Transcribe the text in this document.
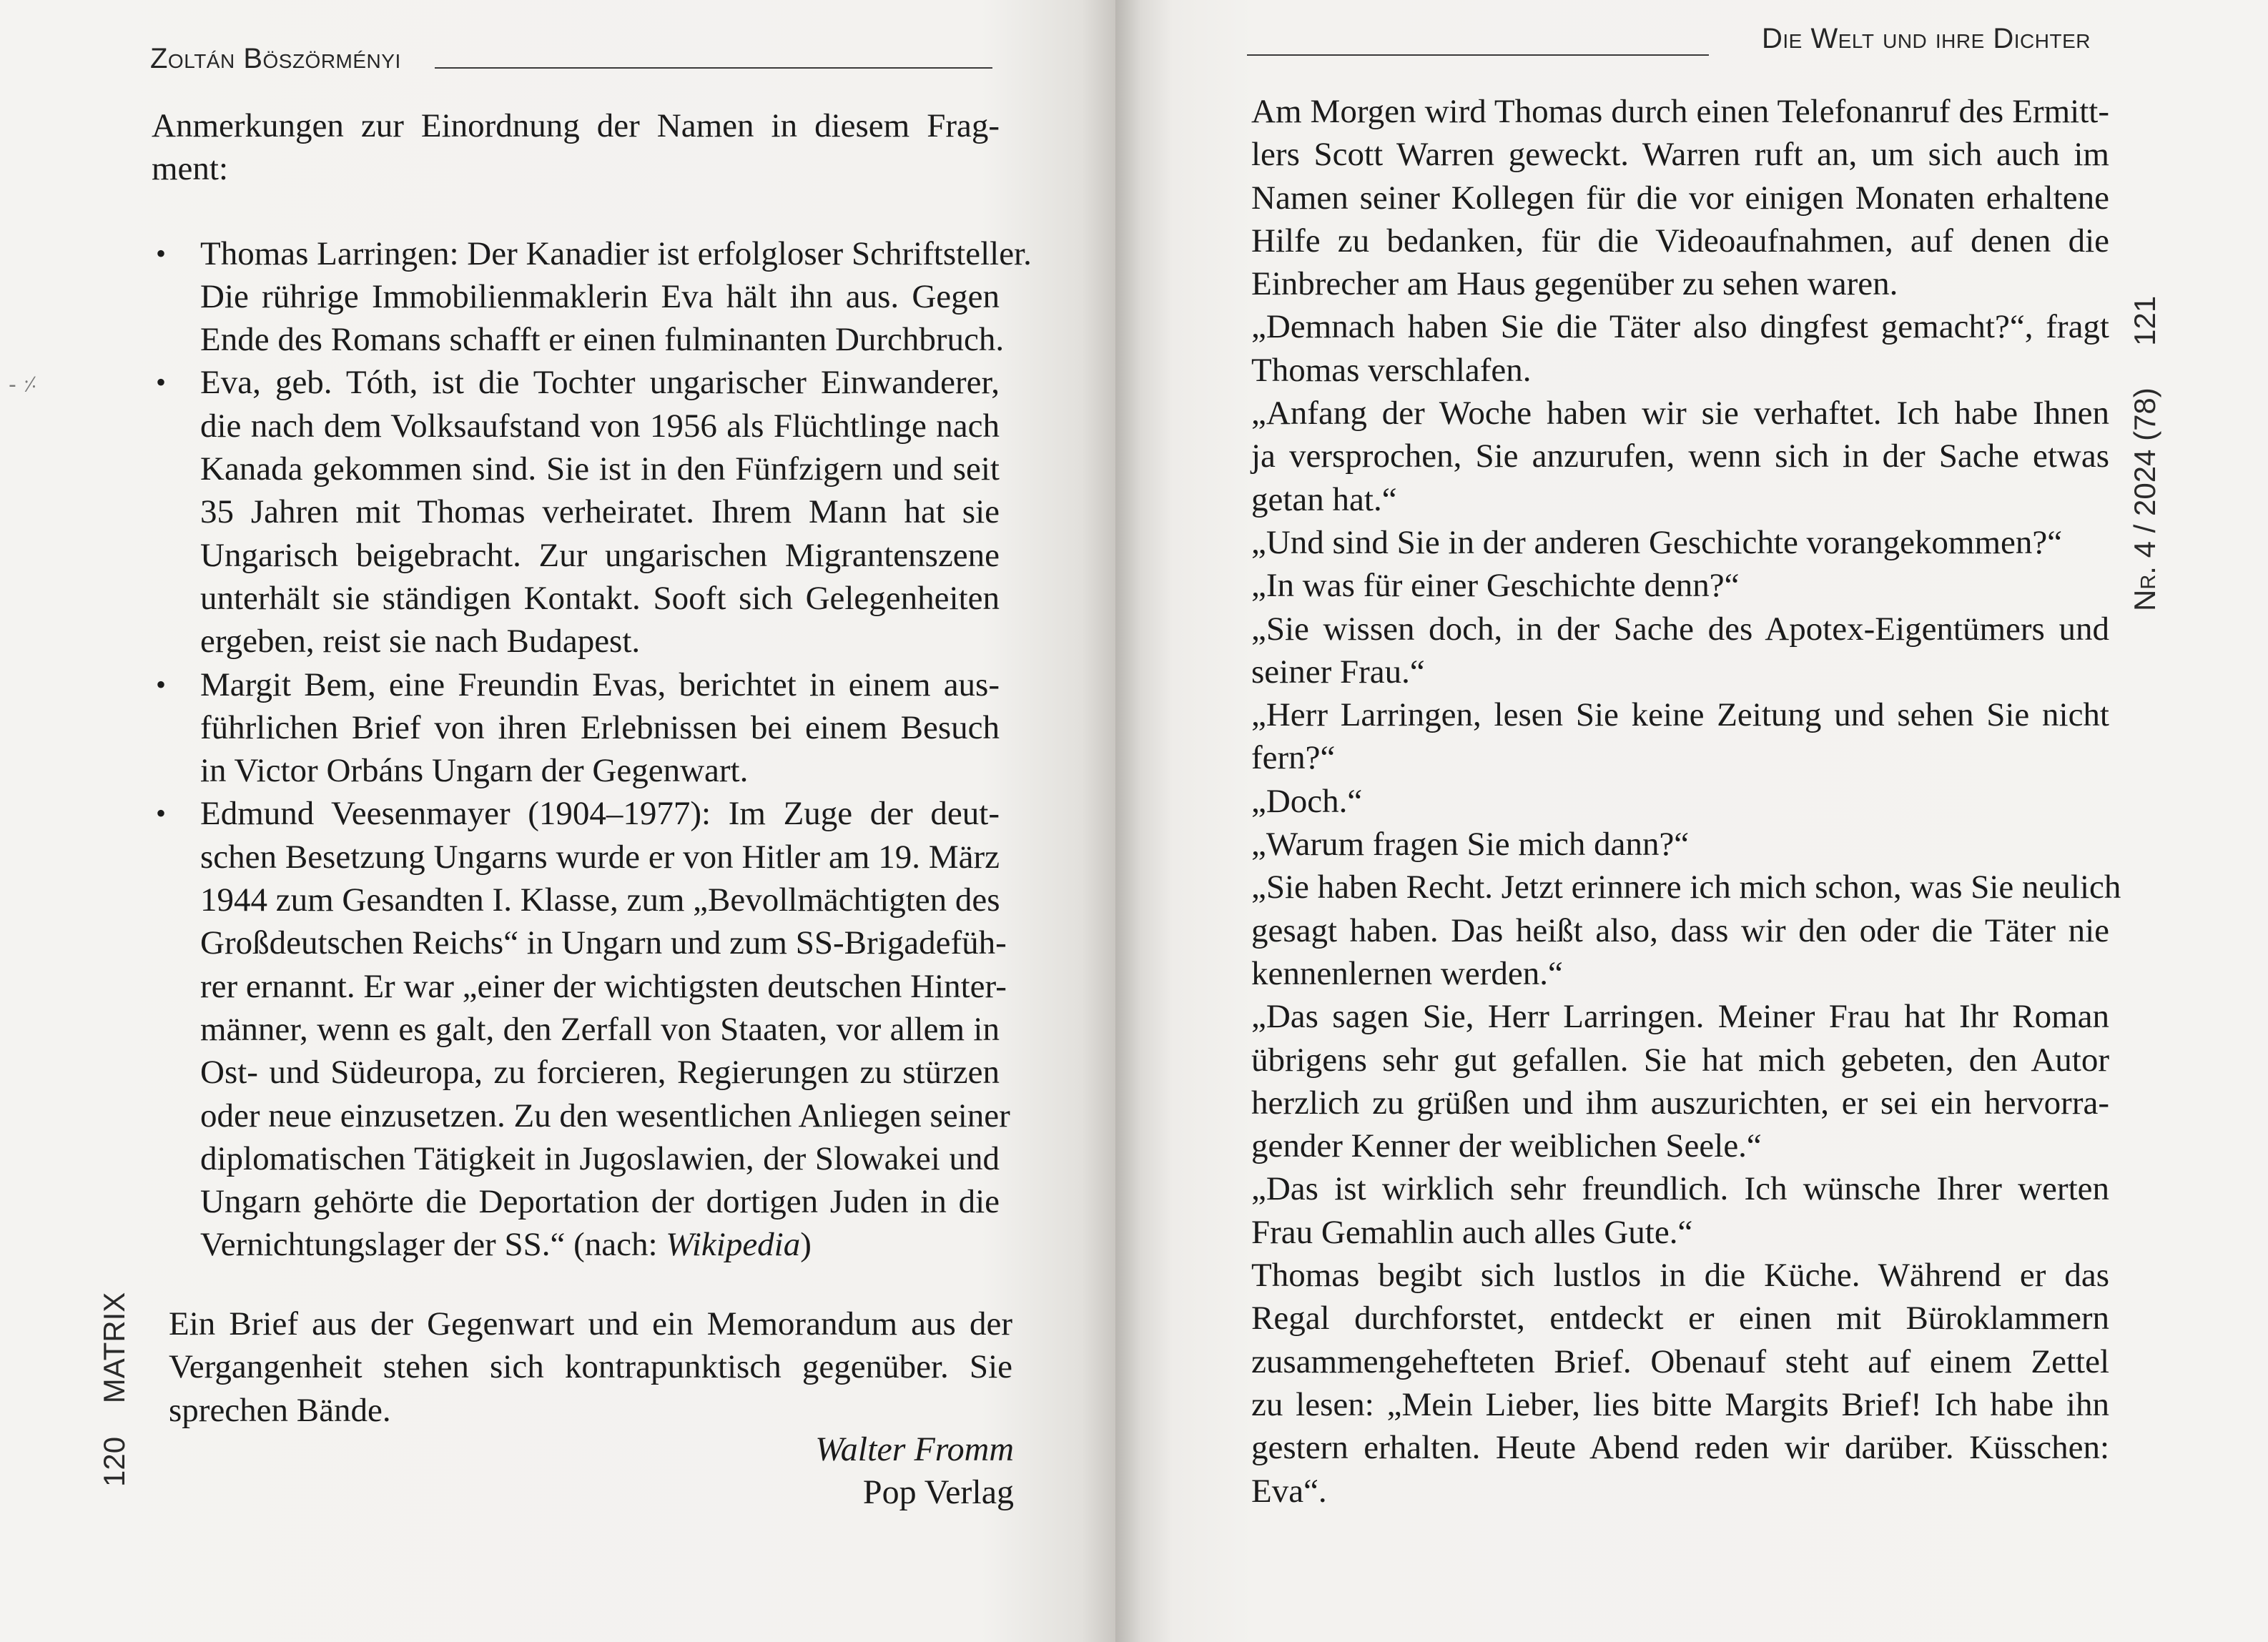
Zoltán Böszörményi
Anmerkungen zur Einordnung der Namen in diesem Frag-
ment:
•	Thomas Larringen: Der Kanadier ist erfolgloser Schriftsteller.
Die rührige Immobilienmaklerin Eva hält ihn aus. Gegen
Ende des Romans schafft er einen fulminanten Durchbruch.
•	Eva, geb. Tóth, ist die Tochter ungarischer Einwanderer,
die nach dem Volksaufstand von 1956 als Flüchtlinge nach
Kanada gekommen sind. Sie ist in den Fünfzigern und seit
35 Jahren mit Thomas verheiratet. Ihrem Mann hat sie
Ungarisch beigebracht. Zur ungarischen Migrantenszene
unterhält sie ständigen Kontakt. Sooft sich Gelegenheiten
ergeben, reist sie nach Budapest.
•	Margit Bem, eine Freundin Evas, berichtet in einem aus-
führlichen Brief von ihren Erlebnissen bei einem Besuch
in Victor Orbáns Ungarn der Gegenwart.
•	Edmund Veesenmayer (1904–1977): Im Zuge der deut-
schen Besetzung Ungarns wurde er von Hitler am 19. März
1944 zum Gesandten I. Klasse, zum „Bevollmächtigten des
Großdeutschen Reichs“ in Ungarn und zum SS-Brigadefüh-
rer ernannt. Er war „einer der wichtigsten deutschen Hinter-
männer, wenn es galt, den Zerfall von Staaten, vor allem in
Ost- und Südeuropa, zu forcieren, Regierungen zu stürzen
oder neue einzusetzen. Zu den wesentlichen Anliegen seiner
diplomatischen Tätigkeit in Jugoslawien, der Slowakei und
Ungarn gehörte die Deportation der dortigen Juden in die
Vernichtungslager der SS.“ (nach: Wikipedia)
Ein Brief aus der Gegenwart und ein Memorandum aus der
Vergangenheit stehen sich kontrapunktisch gegenüber. Sie
sprechen Bände.
Walter Fromm
Pop Verlag
120    MATRIX
- ⸓
Die Welt und ihre Dichter
Am Morgen wird Thomas durch einen Telefonanruf des Ermitt-
lers Scott Warren geweckt. Warren ruft an, um sich auch im
Namen seiner Kollegen für die vor einigen Monaten erhaltene
Hilfe zu bedanken, für die Videoaufnahmen, auf denen die
Einbrecher am Haus gegenüber zu sehen waren.
„Demnach haben Sie die Täter also dingfest gemacht?“, fragt
Thomas verschlafen.
„Anfang der Woche haben wir sie verhaftet. Ich habe Ihnen
ja versprochen, Sie anzurufen, wenn sich in der Sache etwas
getan hat.“
„Und sind Sie in der anderen Geschichte vorangekommen?“
„In was für einer Geschichte denn?“
„Sie wissen doch, in der Sache des Apotex-Eigentümers und
seiner Frau.“
„Herr Larringen, lesen Sie keine Zeitung und sehen Sie nicht
fern?“
„Doch.“
„Warum fragen Sie mich dann?“
„Sie haben Recht. Jetzt erinnere ich mich schon, was Sie neulich
gesagt haben. Das heißt also, dass wir den oder die Täter nie
kennenlernen werden.“
„Das sagen Sie, Herr Larringen. Meiner Frau hat Ihr Roman
übrigens sehr gut gefallen. Sie hat mich gebeten, den Autor
herzlich zu grüßen und ihm auszurichten, er sei ein hervorra-
gender Kenner der weiblichen Seele.“
„Das ist wirklich sehr freundlich. Ich wünsche Ihrer werten
Frau Gemahlin auch alles Gute.“
Thomas begibt sich lustlos in die Küche. Während er das
Regal durchforstet, entdeckt er einen mit Büroklammern
zusammengehefteten Brief. Obenauf steht auf einem Zettel
zu lesen: „Mein Lieber, lies bitte Margits Brief! Ich habe ihn
gestern erhalten. Heute Abend reden wir darüber. Küsschen:
Eva“.
Nr. 4 / 2024 (78)     121
